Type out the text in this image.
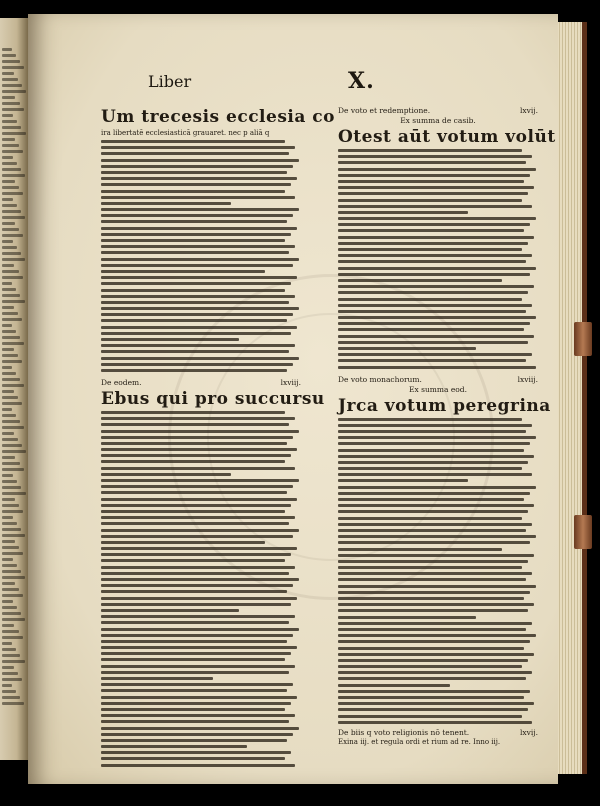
Liber	X.
Um trecesis ecclesia co
ira libertatē ecclesiasticā grauaret. nec p aliā q
De eodem.	lxviij.
Ebus qui pro succursu
De voto et redemptione.	lxvij.
Ex summa de casib.
Otest aūt votum volūt
De voto monachorum.	lxviij.
Ex summa eod.
Jrca votum peregrina
De biis q voto religionis nō tenent.	lxvij.
Exina iij. et regula ordi et rium ad re. Inno iij.
